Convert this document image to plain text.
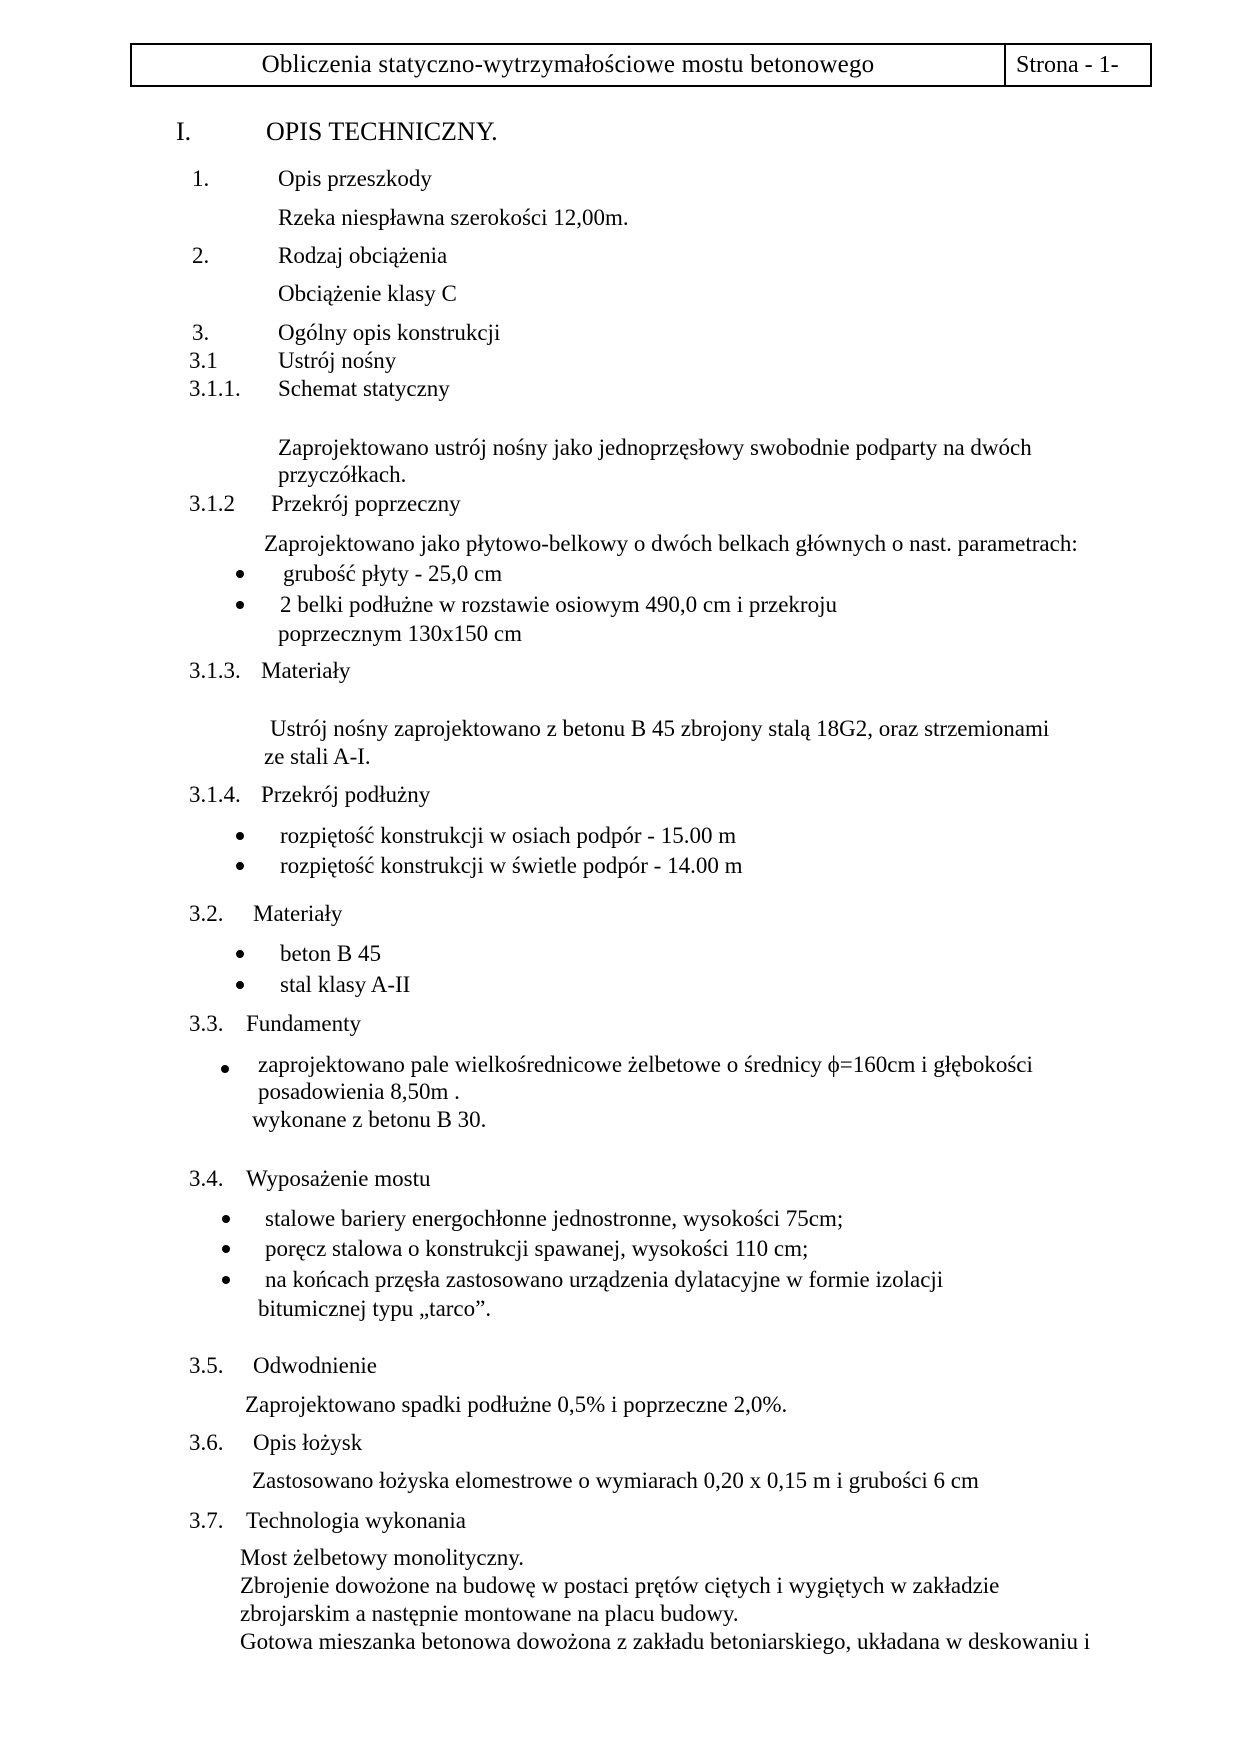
Obliczenia statyczno-wytrzymałościowe mostu betonowego	Strona - 1-
I.	OPIS TECHNICZNY.
1.	Opis przeszkody
Rzeka niespławna szerokości 12,00m.
2.	Rodzaj obciążenia
Obciążenie klasy C
3.	Ogólny opis konstrukcji
3.1	Ustrój nośny
3.1.1. Schemat statyczny
Zaprojektowano ustrój nośny jako jednoprzęsłowy swobodnie podparty na dwóch
przyczółkach.
3.1.2 Przekrój poprzeczny
Zaprojektowano jako płytowo-belkowy o dwóch belkach głównych o nast. parametrach:
grubość płyty - 25,0 cm
2 belki podłużne w rozstawie osiowym 490,0 cm i przekroju
poprzecznym 130x150 cm
3.1.3. Materiały
Ustrój nośny zaprojektowano z betonu B 45 zbrojony stalą 18G2, oraz strzemionami
ze stali A-I.
3.1.4. Przekrój podłużny
rozpiętość konstrukcji w osiach podpór - 15.00 m
rozpiętość konstrukcji w świetle podpór - 14.00 m
3.2. Materiały
beton B 45
stal klasy A-II
3.3. Fundamenty
zaprojektowano pale wielkośrednicowe żelbetowe o średnicy ϕ=160cm i głębokości
posadowienia 8,50m .
wykonane z betonu B 30.
3.4. Wyposażenie mostu
stalowe bariery energochłonne jednostronne, wysokości 75cm;
poręcz stalowa o konstrukcji spawanej, wysokości 110 cm;
na końcach przęsła zastosowano urządzenia dylatacyjne w formie izolacji
bitumicznej typu „tarco”.
3.5. Odwodnienie
Zaprojektowano spadki podłużne 0,5% i poprzeczne 2,0%.
3.6. Opis łożysk
Zastosowano łożyska elomestrowe o wymiarach 0,20 x 0,15 m i grubości 6 cm
3.7. Technologia wykonania
Most żelbetowy monolityczny.
Zbrojenie dowożone na budowę w postaci prętów ciętych i wygiętych w zakładzie
zbrojarskim a następnie montowane na placu budowy.
Gotowa mieszanka betonowa dowożona z zakładu betoniarskiego, układana w deskowaniu i
